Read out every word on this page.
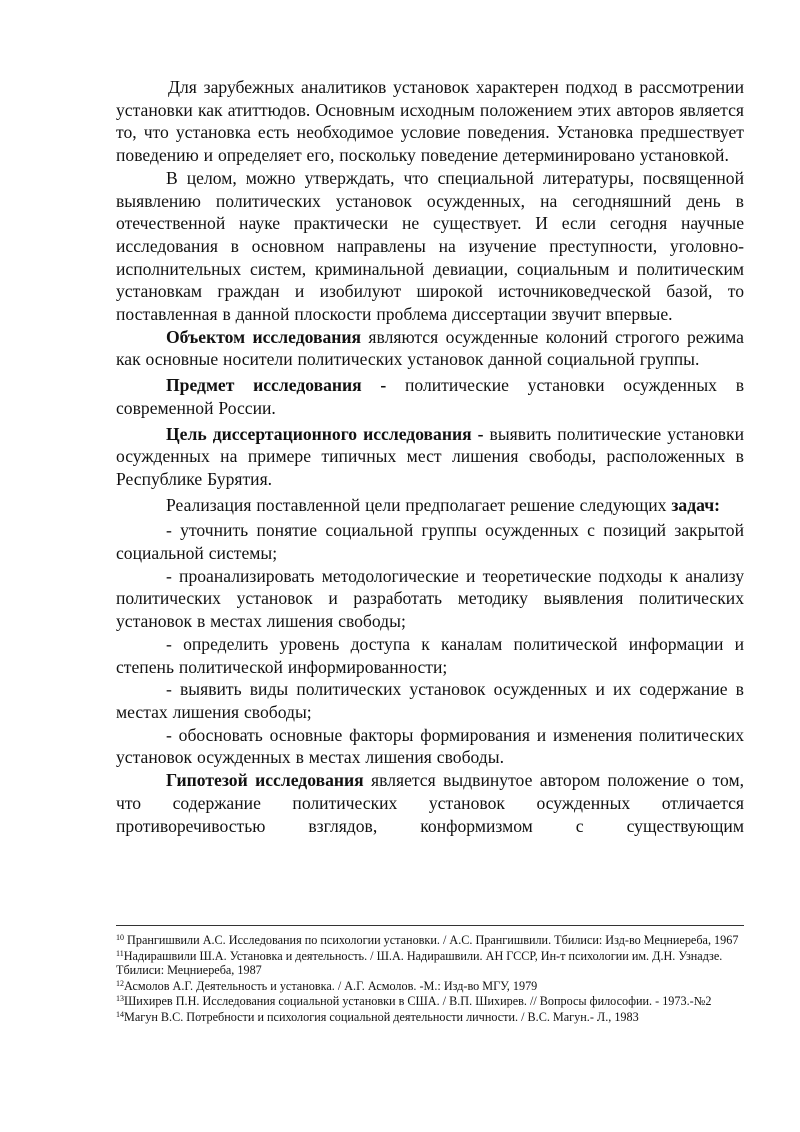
Для зарубежных аналитиков установок характерен подход в рассмотрении установки как атиттюдов. Основным исходным положением этих авторов является то, что установка есть необходимое условие поведения. Установка предшествует поведению и определяет его, поскольку поведение детерминировано установкой.

В целом, можно утверждать, что специальной литературы, посвященной выявлению политических установок осужденных, на сегодняшний день в отечественной науке практически не существует. И если сегодня научные исследования в основном направлены на изучение преступности, уголовно-исполнительных систем, криминальной девиации, социальным и политическим установкам граждан и изобилуют широкой источниковедческой базой, то поставленная в данной плоскости проблема диссертации звучит впервые.

Объектом исследования являются осужденные колоний строгого режима как основные носители политических установок данной социальной группы.

Предмет исследования - политические установки осужденных в современной России.

Цель диссертационного исследования - выявить политические установки осужденных на примере типичных мест лишения свободы, расположенных в Республике Бурятия.

Реализация поставленной цели предполагает решение следующих задач:

- уточнить понятие социальной группы осужденных с позиций закрытой социальной системы;

- проанализировать методологические и теоретические подходы к анализу политических установок и разработать методику выявления политических установок в местах лишения свободы;

- определить уровень доступа к каналам политической информации и степень политической информированности;

- выявить виды политических установок осужденных и их содержание в местах лишения свободы;

- обосновать основные факторы формирования и изменения политических установок осужденных в местах лишения свободы.

Гипотезой исследования является выдвинутое автором положение о том, что содержание политических установок осужденных отличается противоречивостью взглядов, конформизмом с существующим

$^{10}$ Прангишвили А.С. Исследования по психологии установки. / А.С. Прангишвили. Тбилиси: Изд-во Мецниереба, 1967

$^{11}$Надирашвили Ш.А. Установка и деятельность. / Ш.А. Надирашвили. АН ГССР, Ин-т психологии им. Д.Н. Узнадзе. Тбилиси: Мецниереба, 1987

$^{12}$Асмолов А.Г. Деятельность и установка. / А.Г. Асмолов. -М.: Изд-во МГУ, 1979

$^{13}$Шихирев П.Н. Исследования социальной установки в США. / В.П. Шихирев. // Вопросы философии. - 1973.-№2

$^{14}$Магун В.С. Потребности и психология социальной деятельности личности. / В.С. Магун.- Л., 1983
